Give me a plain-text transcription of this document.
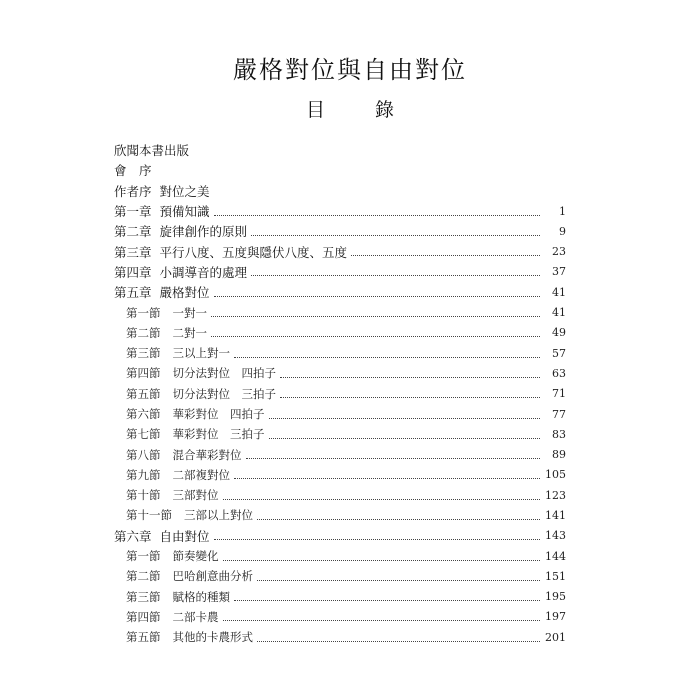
嚴格對位與自由對位
目	錄
欣聞本書出版
會　序
作者序 對位之美
第一章 預備知識	1
第二章 旋律創作的原則	9
第三章 平行八度、五度與隱伏八度、五度	23
第四章 小調導音的處理	37
第五章 嚴格對位	41
第一節 一對一	41
第二節 二對一	49
第三節 三以上對一	57
第四節 切分法對位　四拍子	63
第五節 切分法對位　三拍子	71
第六節 華彩對位　四拍子	77
第七節 華彩對位　三拍子	83
第八節 混合華彩對位	89
第九節 二部複對位	105
第十節 三部對位	123
第十一節 三部以上對位	141
第六章 自由對位	143
第一節 節奏變化	144
第二節 巴哈創意曲分析	151
第三節 賦格的種類	195
第四節 二部卡農	197
第五節 其他的卡農形式	201
